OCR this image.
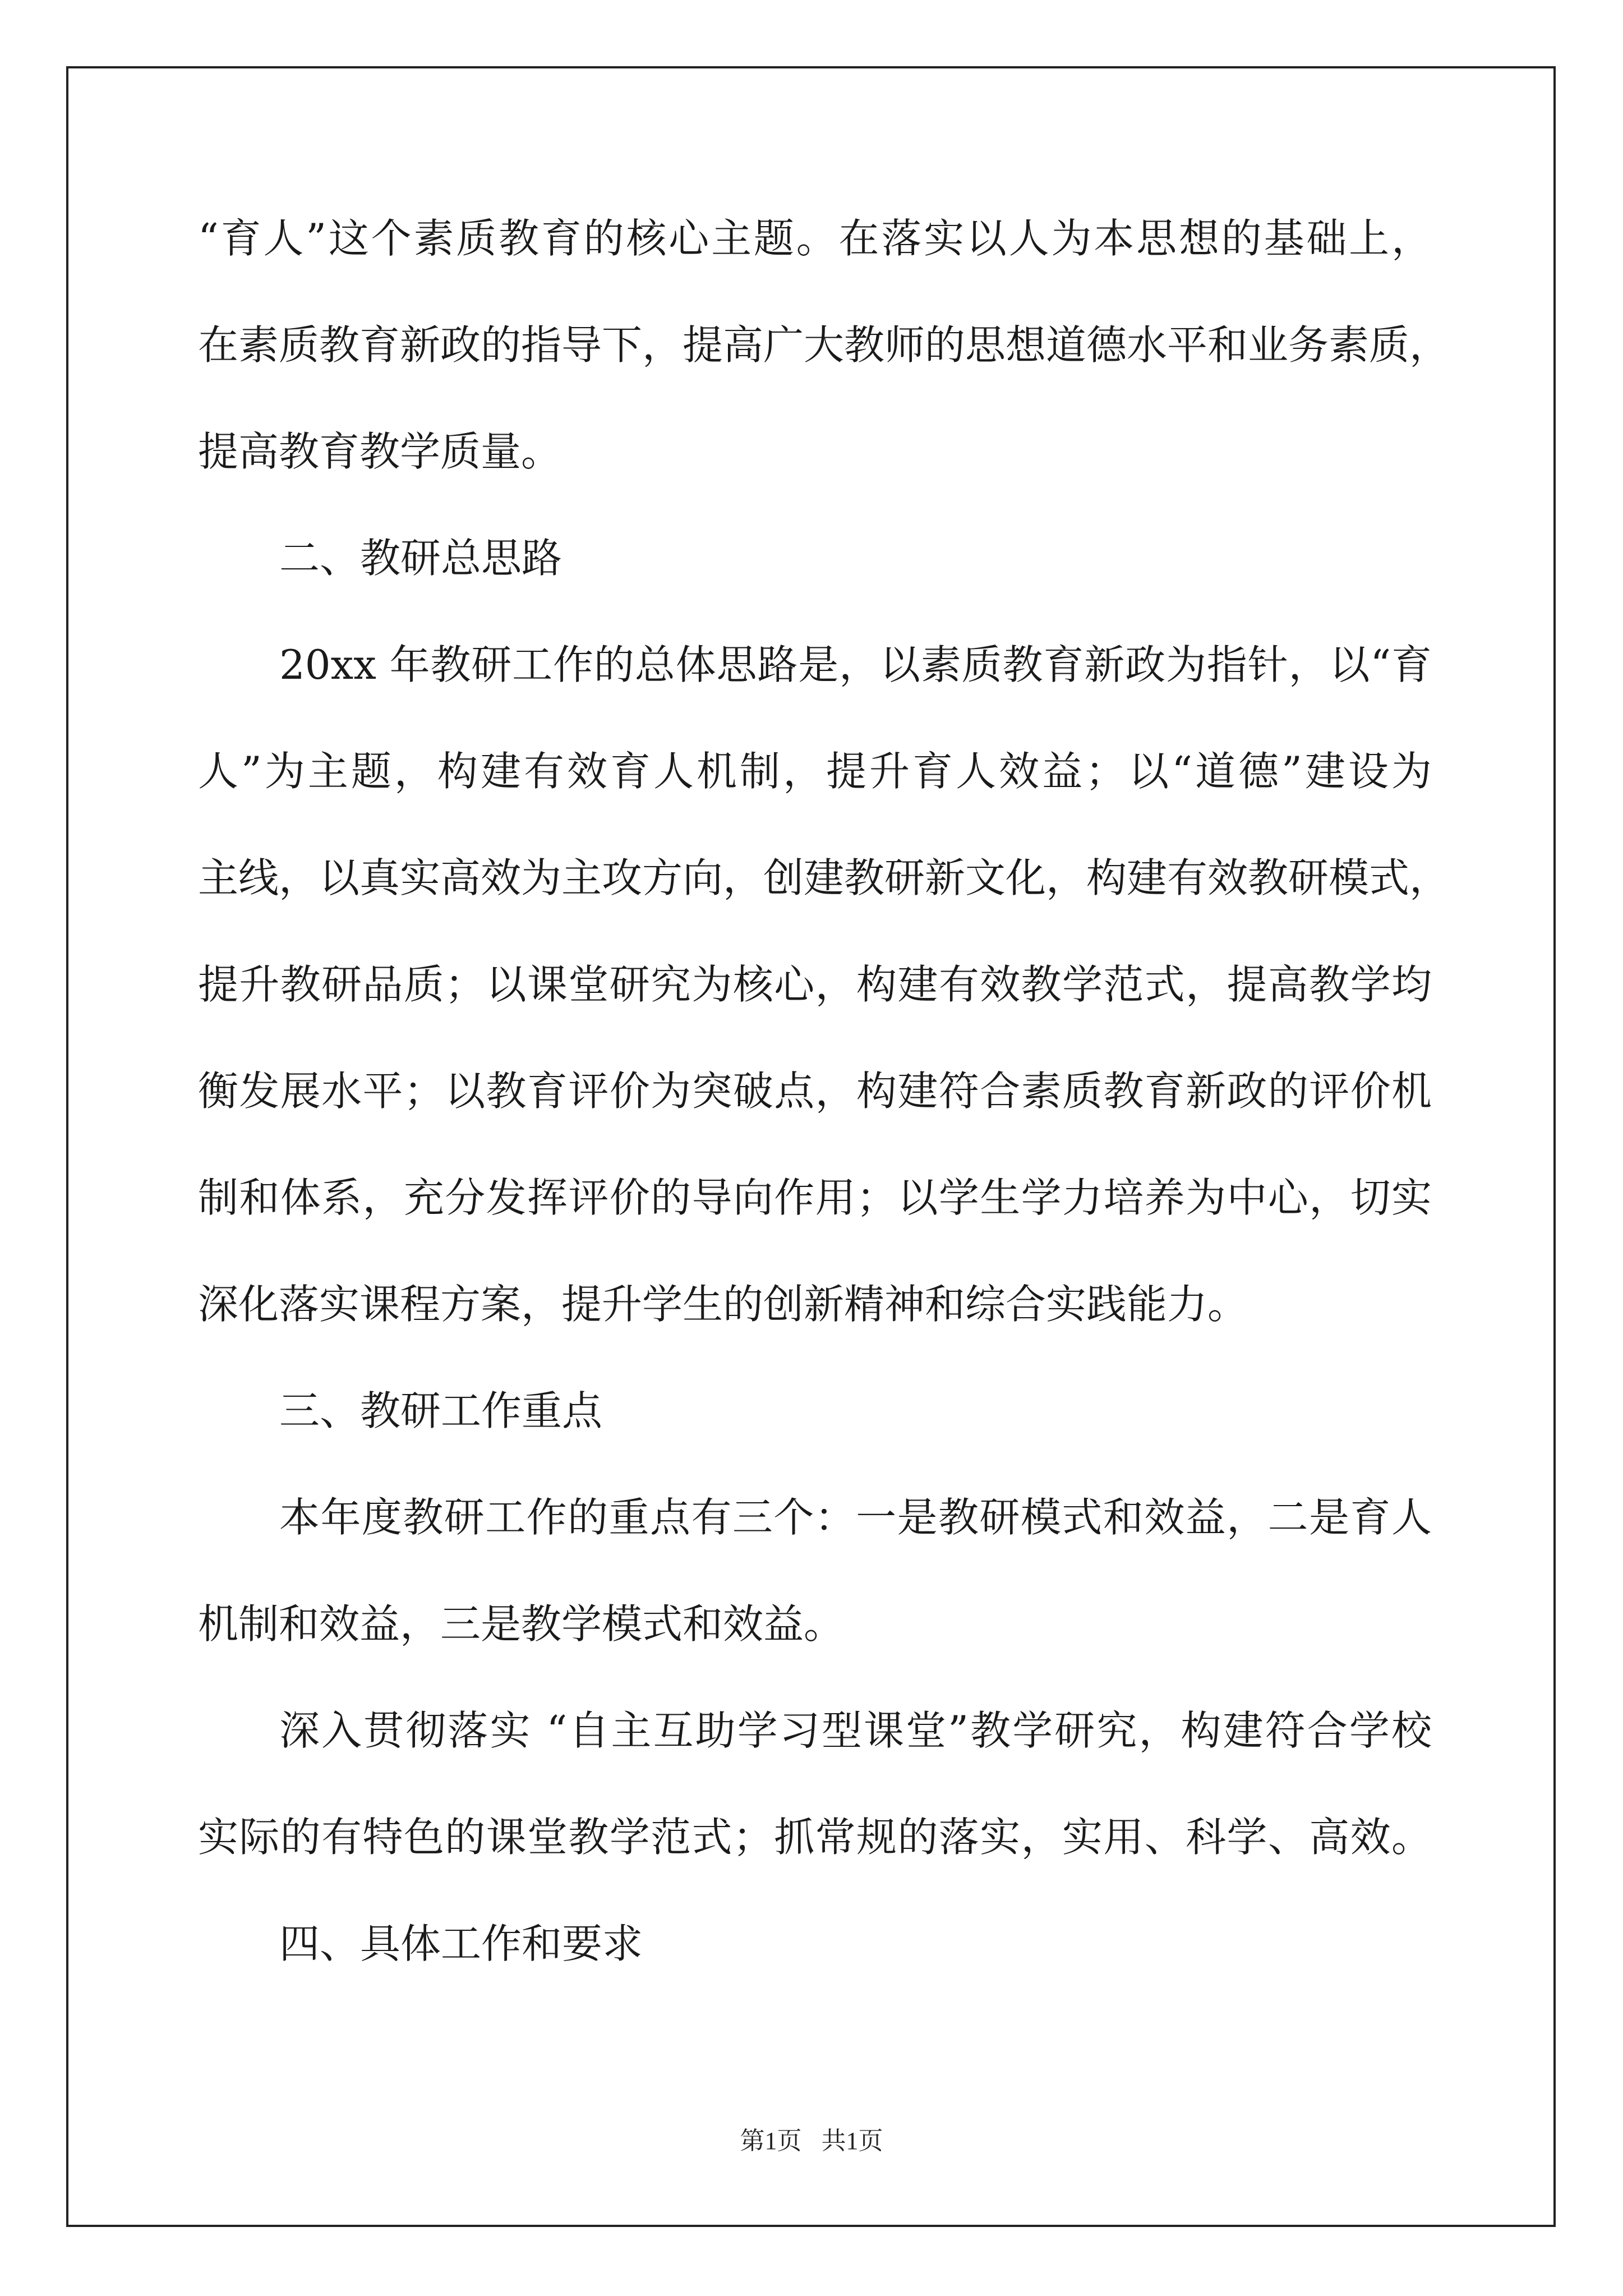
“育人”这个素质教育的核心主题。在落实以人为本思想的基础上，
在素质教育新政的指导下，提高广大教师的思想道德水平和业务素质，
提高教育教学质量。
二、教研总思路
20xx 年教研工作的总体思路是，以素质教育新政为指针，以“育
人”为主题，构建有效育人机制，提升育人效益；以“道德”建设为
主线，以真实高效为主攻方向，创建教研新文化，构建有效教研模式，
提升教研品质；以课堂研究为核心，构建有效教学范式，提高教学均
衡发展水平；以教育评价为突破点，构建符合素质教育新政的评价机
制和体系，充分发挥评价的导向作用；以学生学力培养为中心，切实
深化落实课程方案，提升学生的创新精神和综合实践能力。
三、教研工作重点
本年度教研工作的重点有三个：一是教研模式和效益，二是育人
机制和效益，三是教学模式和效益。
深入贯彻落实 “自主互助学习型课堂”教学研究，构建符合学校
实际的有特色的课堂教学范式；抓常规的落实，实用、科学、高效。
四、具体工作和要求
第1页 共1页
